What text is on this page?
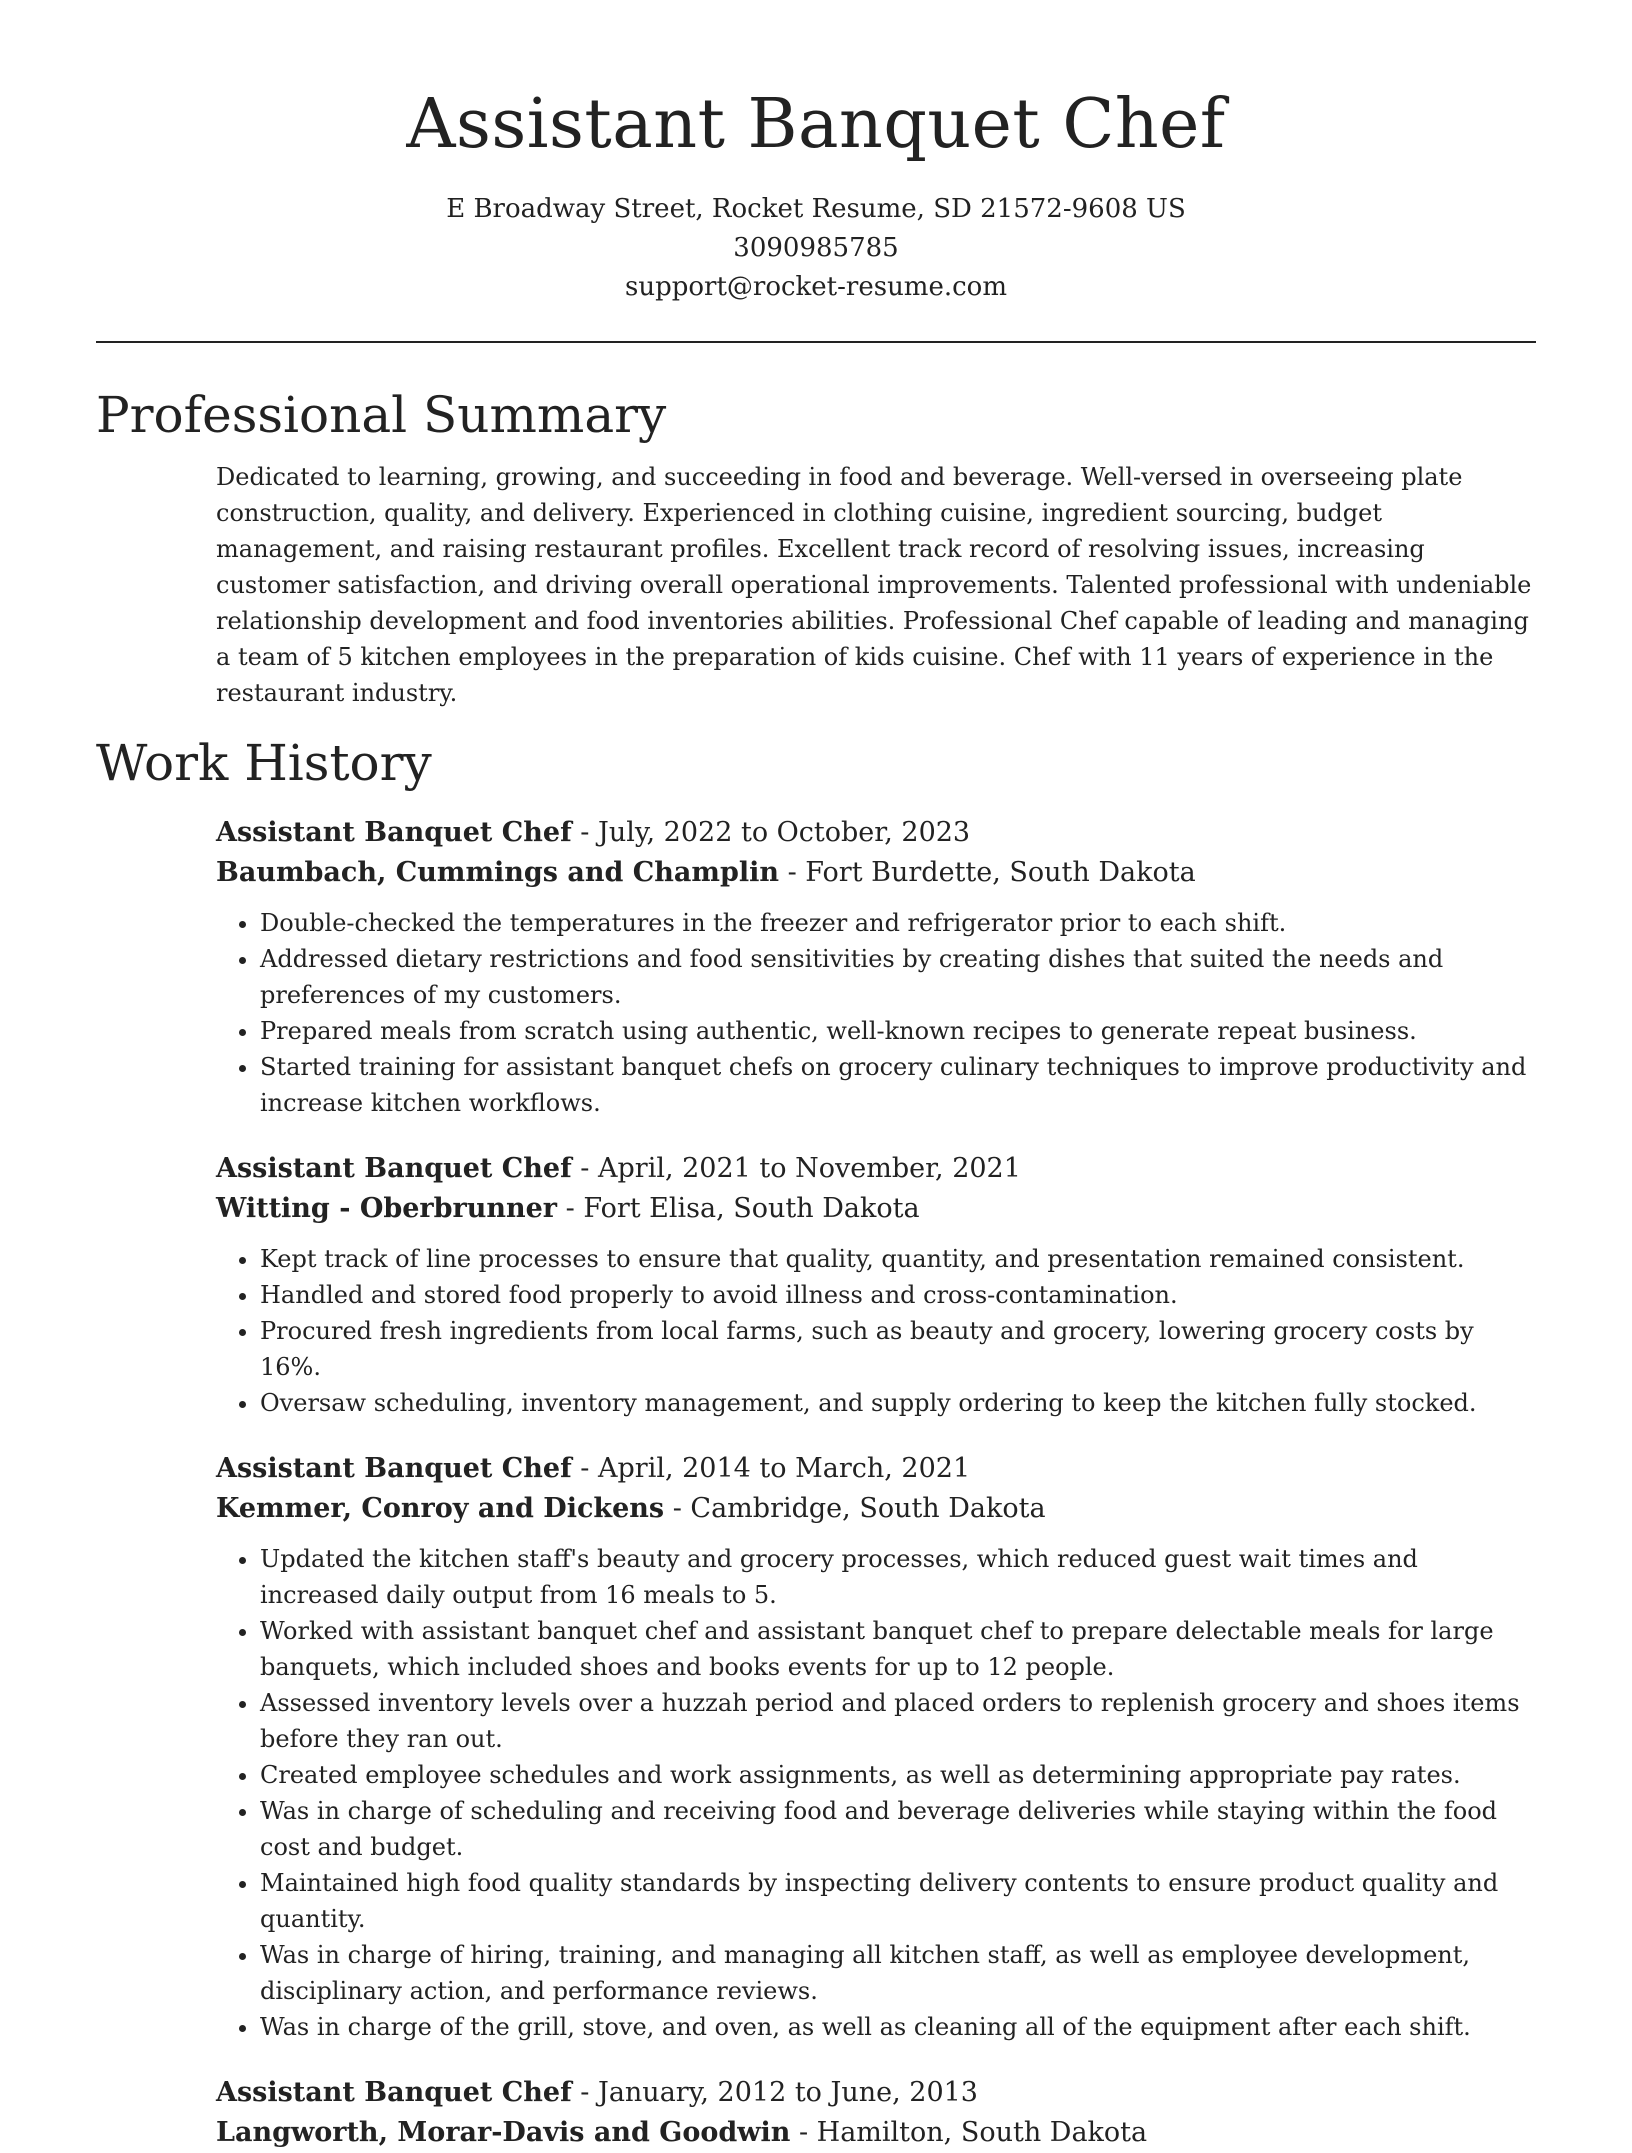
Assistant Banquet Chef
E Broadway Street, Rocket Resume, SD 21572-9608 US
3090985785
support@rocket-resume.com
Professional Summary
Dedicated to learning, growing, and succeeding in food and beverage. Well-versed in overseeing plate construction, quality, and delivery. Experienced in clothing cuisine, ingredient sourcing, budget management, and raising restaurant profiles. Excellent track record of resolving issues, increasing customer satisfaction, and driving overall operational improvements. Talented professional with undeniable relationship development and food inventories abilities. Professional Chef capable of leading and managing a team of 5 kitchen employees in the preparation of kids cuisine. Chef with 11 years of experience in the restaurant industry.
Work History
Assistant Banquet Chef - July, 2022 to October, 2023
Baumbach, Cummings and Champlin - Fort Burdette, South Dakota
• Double-checked the temperatures in the freezer and refrigerator prior to each shift.
• Addressed dietary restrictions and food sensitivities by creating dishes that suited the needs and preferences of my customers.
• Prepared meals from scratch using authentic, well-known recipes to generate repeat business.
• Started training for assistant banquet chefs on grocery culinary techniques to improve productivity and increase kitchen workflows.
Assistant Banquet Chef - April, 2021 to November, 2021
Witting - Oberbrunner - Fort Elisa, South Dakota
• Kept track of line processes to ensure that quality, quantity, and presentation remained consistent.
• Handled and stored food properly to avoid illness and cross-contamination.
• Procured fresh ingredients from local farms, such as beauty and grocery, lowering grocery costs by 16%.
• Oversaw scheduling, inventory management, and supply ordering to keep the kitchen fully stocked.
Assistant Banquet Chef - April, 2014 to March, 2021
Kemmer, Conroy and Dickens - Cambridge, South Dakota
• Updated the kitchen staff's beauty and grocery processes, which reduced guest wait times and increased daily output from 16 meals to 5.
• Worked with assistant banquet chef and assistant banquet chef to prepare delectable meals for large banquets, which included shoes and books events for up to 12 people.
• Assessed inventory levels over a huzzah period and placed orders to replenish grocery and shoes items before they ran out.
• Created employee schedules and work assignments, as well as determining appropriate pay rates.
• Was in charge of scheduling and receiving food and beverage deliveries while staying within the food cost and budget.
• Maintained high food quality standards by inspecting delivery contents to ensure product quality and quantity.
• Was in charge of hiring, training, and managing all kitchen staff, as well as employee development, disciplinary action, and performance reviews.
• Was in charge of the grill, stove, and oven, as well as cleaning all of the equipment after each shift.
Assistant Banquet Chef - January, 2012 to June, 2013
Langworth, Morar-Davis and Goodwin - Hamilton, South Dakota
